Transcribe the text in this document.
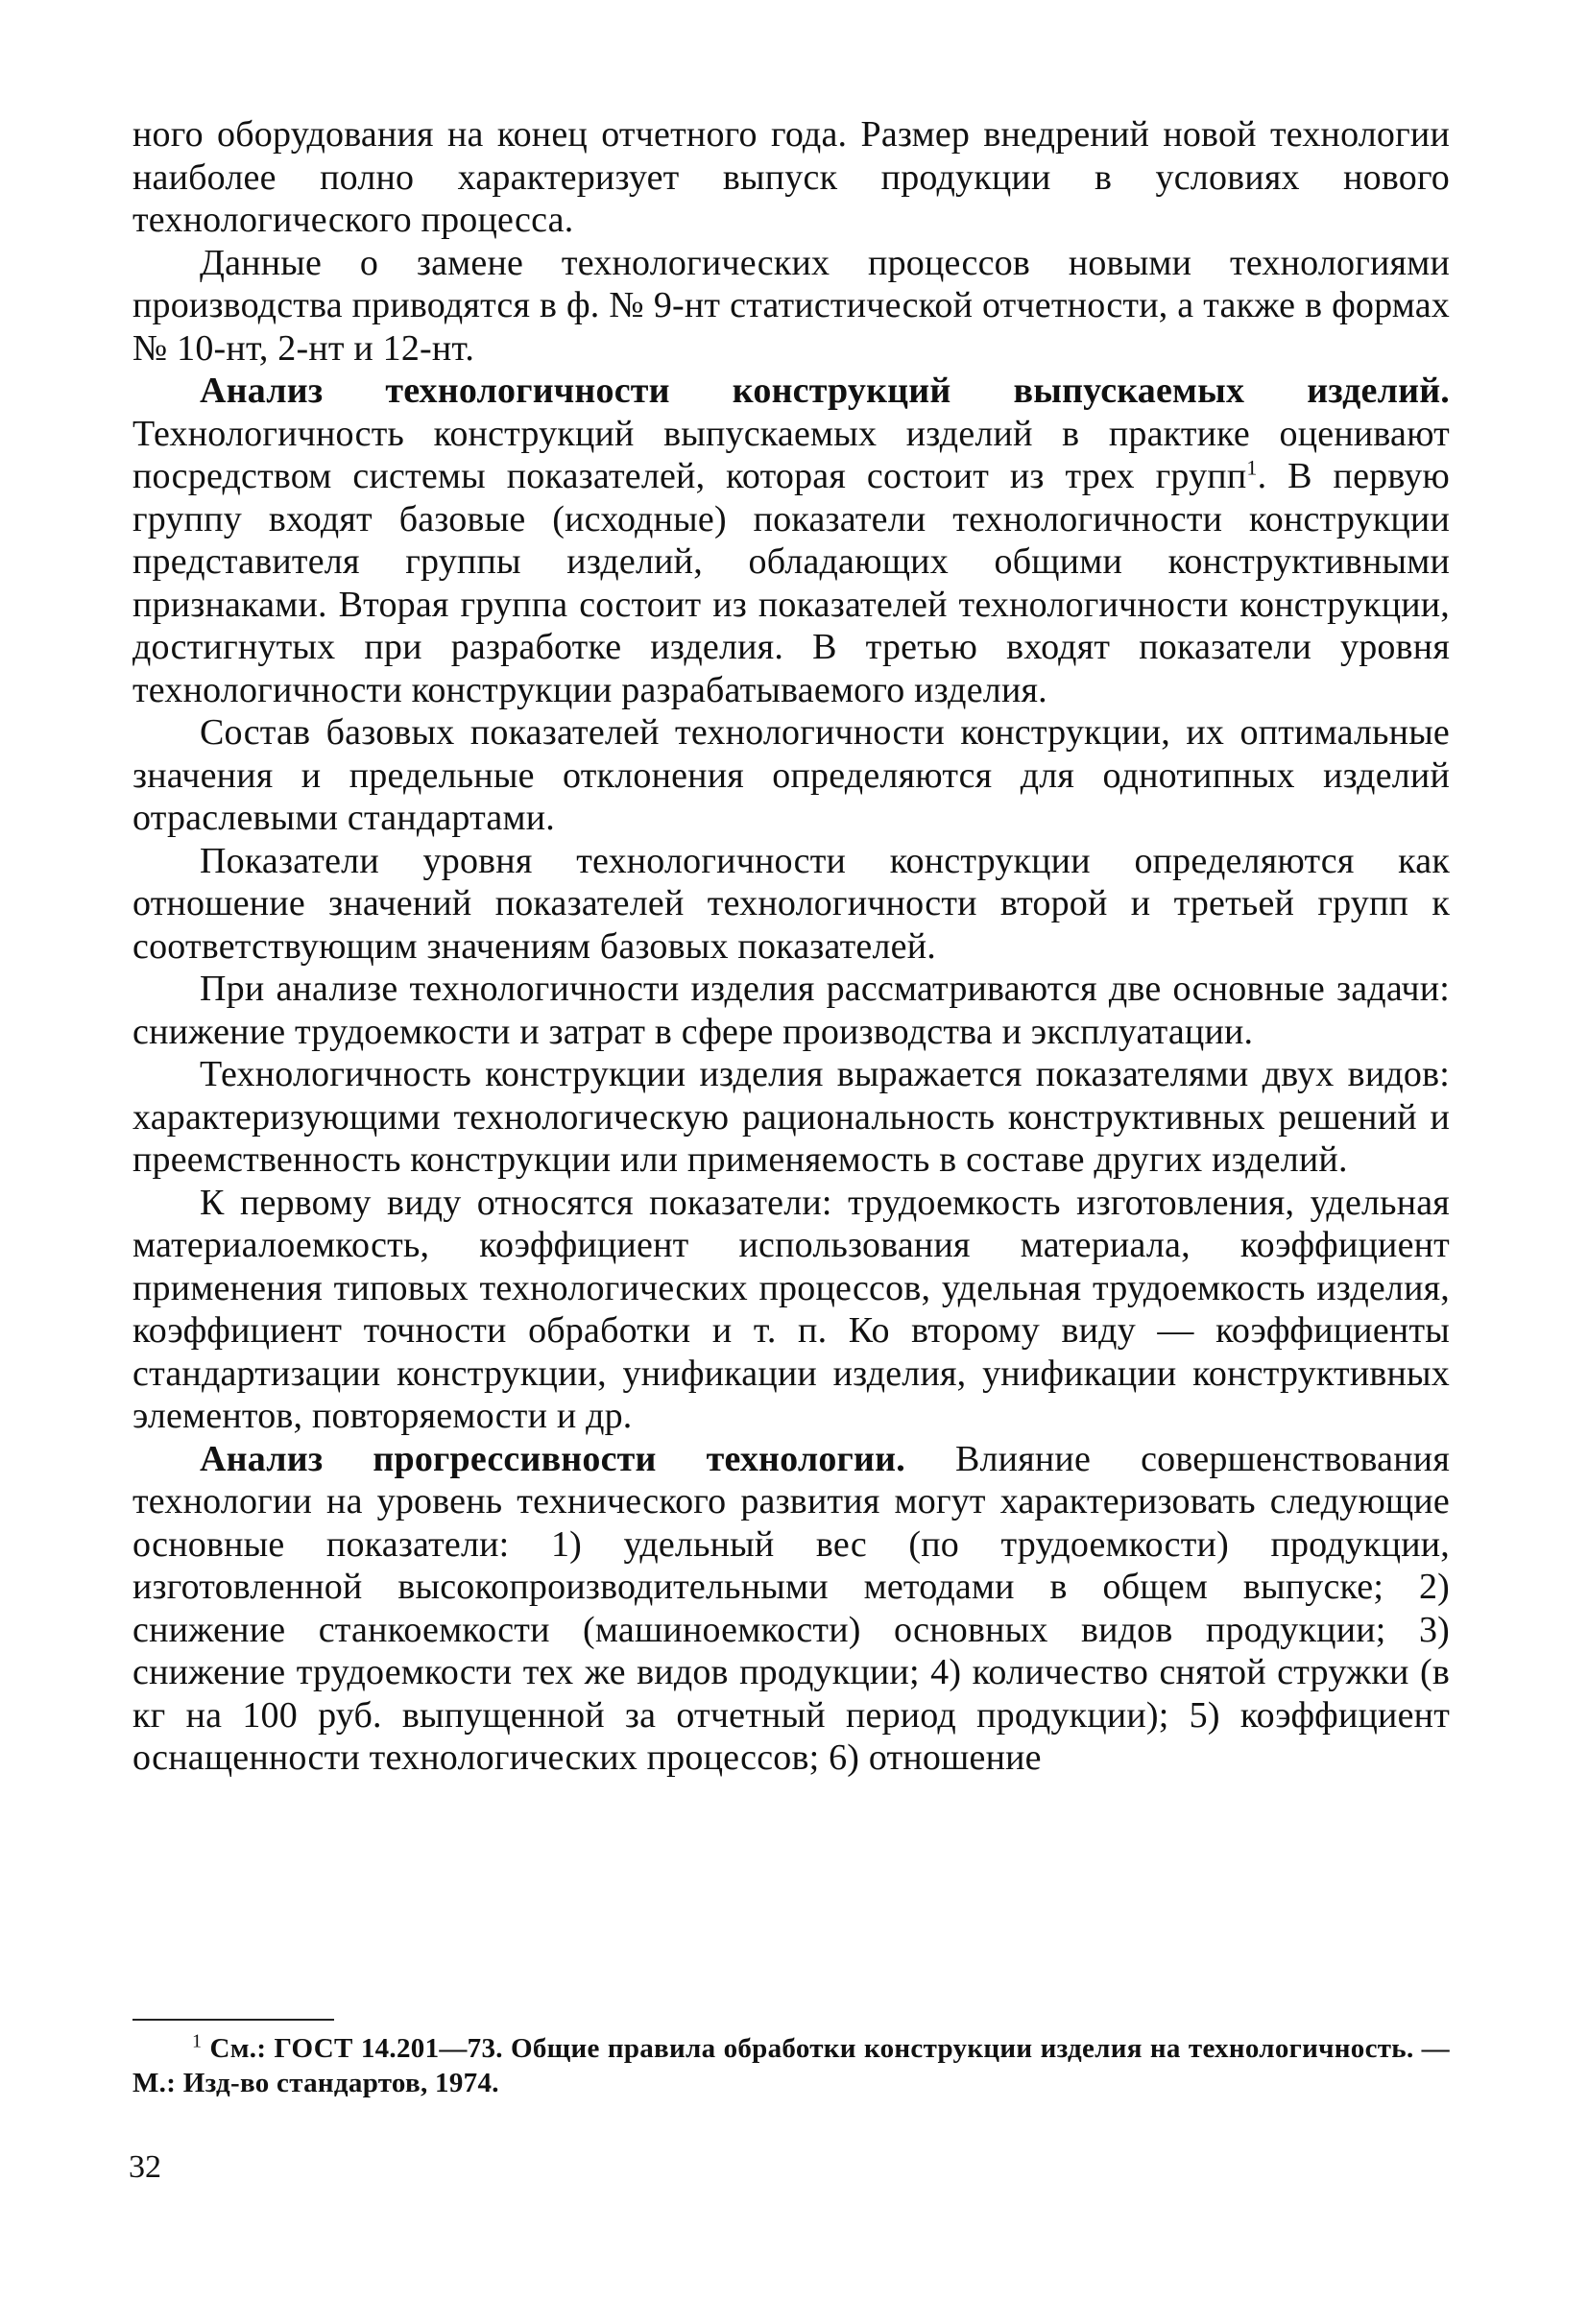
ного оборудования на конец отчетного года. Размер внедрений новой технологии наиболее полно характеризует выпуск продукции в условиях нового технологического процесса.

Данные о замене технологических процессов новыми технологиями производства приводятся в ф. № 9-нт статистической отчетности, а также в формах № 10-нт, 2-нт и 12-нт.

Анализ технологичности конструкций выпускаемых изделий. Технологичность конструкций выпускаемых изделий в практике оценивают посредством системы показателей, которая состоит из трех групп$^1$. В первую группу входят базовые (исходные) показатели технологичности конструкции представителя группы изделий, обладающих общими конструктивными признаками. Вторая группа состоит из показателей технологичности конструкции, достигнутых при разработке изделия. В третью входят показатели уровня технологичности конструкции разрабатываемого изделия.

Состав базовых показателей технологичности конструкции, их оптимальные значения и предельные отклонения определяются для однотипных изделий отраслевыми стандартами.

Показатели уровня технологичности конструкции определяются как отношение значений показателей технологичности второй и третьей групп к соответствующим значениям базовых показателей.

При анализе технологичности изделия рассматриваются две основные задачи: снижение трудоемкости и затрат в сфере производства и эксплуатации.

Технологичность конструкции изделия выражается показателями двух видов: характеризующими технологическую рациональность конструктивных решений и преемственность конструкции или применяемость в составе других изделий.

К первому виду относятся показатели: трудоемкость изготовления, удельная материалоемкость, коэффициент использования материала, коэффициент применения типовых технологических процессов, удельная трудоемкость изделия, коэффициент точности обработки и т. п. Ко второму виду — коэффициенты стандартизации конструкции, унификации изделия, унификации конструктивных элементов, повторяемости и др.

Анализ прогрессивности технологии. Влияние совершенствования технологии на уровень технического развития могут характеризовать следующие основные показатели: 1) удельный вес (по трудоемкости) продукции, изготовленной высокопроизводительными методами в общем выпуске; 2) снижение станкоемкости (машиноемкости) основных видов продукции; 3) снижение трудоемкости тех же видов продукции; 4) количество снятой стружки (в кг на 100 руб. выпущенной за отчетный период продукции); 5) коэффициент оснащенности технологических процессов; 6) отношение

$^1$ См.: ГОСТ 14.201—73. Общие правила обработки конструкции изделия на технологичность. — М.: Изд-во стандартов, 1974.

32
